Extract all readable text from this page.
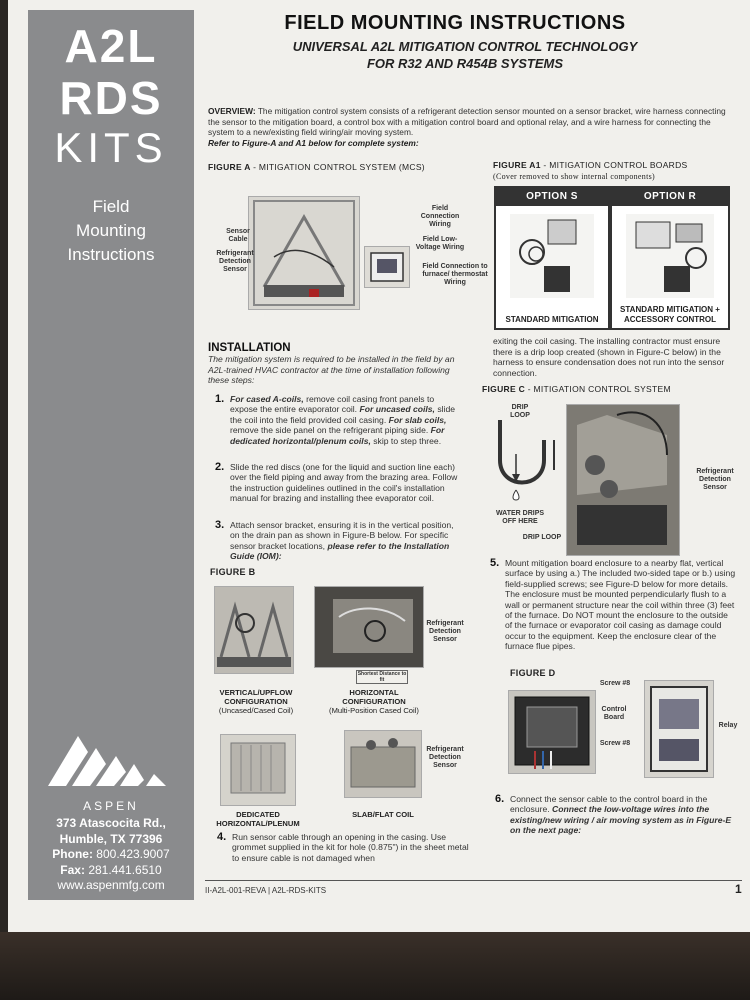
A2L
RDS
KITS
Field
Mounting
Instructions
ASPEN
373 Atascocita Rd.,
Humble, TX 77396
Phone: 800.423.9007
Fax: 281.441.6510
www.aspenmfg.com
FIELD MOUNTING INSTRUCTIONS
UNIVERSAL A2L MITIGATION CONTROL TECHNOLOGY
FOR R32 AND R454B SYSTEMS
OVERVIEW: The mitigation control system consists of a refrigerant detection sensor mounted on a sensor bracket, wire harness connecting the sensor to the mitigation board, a control box with a mitigation control board and optional relay, and a wire harness for connecting the system to a new/existing field wiring/air moving system.
Refer to Figure-A and A1 below for complete system:
FIGURE A - MITIGATION CONTROL SYSTEM (MCS)
Sensor Cable
Refrigerant Detection Sensor
Field Connection Wiring
Field Low-Voltage Wiring
Field Connection to furnace/ thermostat Wiring
FIGURE A1 - MITIGATION CONTROL BOARDS
(Cover removed to show internal components)
OPTION S
STANDARD MITIGATION
OPTION R
STANDARD MITIGATION + ACCESSORY CONTROL
INSTALLATION
The mitigation system is required to be installed in the field by an A2L-trained HVAC contractor at the time of installation following these steps:
1. For cased A-coils, remove coil casing front panels to expose the entire evaporator coil. For uncased coils, slide the coil into the field provided coil casing. For slab coils, remove the side panel on the refrigerant piping side. For dedicated horizontal/plenum coils, skip to step three.
2. Slide the red discs (one for the liquid and suction line each) over the field piping and away from the brazing area. Follow the instruction guidelines outlined in the coil's installation manual for brazing and installing thee evaporator coil.
3. Attach sensor bracket, ensuring it is in the vertical position, on the drain pan as shown in Figure-B below. For specific sensor bracket locations, please refer to the Installation Guide (IOM):
FIGURE B
Refrigerant Detection Sensor
Shortest Distance to fit
VERTICAL/UPFLOW CONFIGURATION
(Uncased/Cased Coil)
HORIZONTAL CONFIGURATION
(Multi-Position Cased Coil)
Refrigerant Detection Sensor
DEDICATED HORIZONTAL/PLENUM
SLAB/FLAT COIL
4. Run sensor cable through an opening in the casing. Use grommet supplied in the kit for hole (0.875") in the sheet metal to ensure cable is not damaged when
exiting the coil casing. The installing contractor must ensure there is a drip loop created (shown in Figure-C below) in the harness to ensure condensation does not run into the sensor connection.
FIGURE C - MITIGATION CONTROL SYSTEM
DRIP LOOP
WATER DRIPS OFF HERE
DRIP LOOP
Refrigerant Detection Sensor
5. Mount mitigation board enclosure to a nearby flat, vertical surface by using a.) The included two-sided tape or b.) using field-supplied screws; see Figure-D below for more details. The enclosure must be mounted perpendicularly flush to a wall or permanent structure near the coil within three (3) feet of the furnace. Do NOT mount the enclosure to the outside of the furnace or evaporator coil casing as damage could occur to the equipment. Keep the enclosure clear of the furnace flue pipes.
FIGURE D
Screw #8
Control Board
Screw #8
Relay
6. Connect the sensor cable to the control board in the enclosure. Connect the low-voltage wires into the existing/new wiring / air moving system as in Figure-E on the next page:
II-A2L-001-REVA | A2L-RDS-KITS	1
